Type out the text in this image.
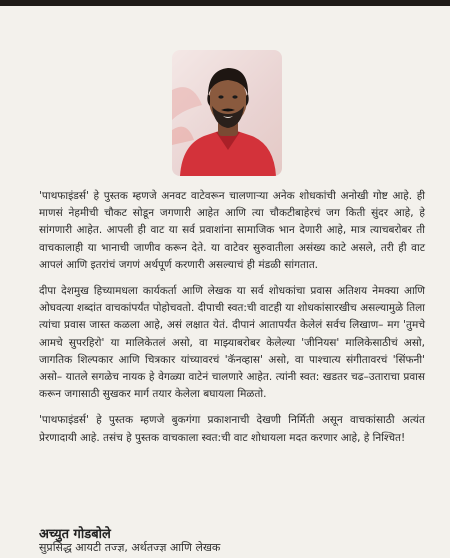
'पाथफाइंडर्स' हे पुस्तक म्हणजे अनवट वाटेवरून चालणाऱ्या अनेक शोधकांची अनोखी गोष्ट आहे. ही माणसं नेहमीची चौकट सोडून जगणारी आहेत आणि त्या चौकटीबाहेरचं जग किती सुंदर आहे, हे सांगणारी आहेत. आपली ही वाट या सर्व प्रवाशांना सामाजिक भान देणारी आहे, मात्र त्याचबरोबर ती वाचकालाही या भानाची जाणीव करून देते. या वाटेवर सुरुवातीला असंख्य काटे असले, तरी ही वाट आपलं आणि इतरांचं जगणं अर्थपूर्ण करणारी असल्याचं ही मंडळी सांगतात.

दीपा देशमुख हिच्यामधला कार्यकर्ता आणि लेखक या सर्व शोधकांचा प्रवास अतिशय नेमक्या आणि ओघवत्या शब्दांत वाचकांपर्यंत पोहोचवतो. दीपाची स्वत:ची वाटही या शोधकांसारखीच असल्यामुळे तिला त्यांचा प्रवास जास्त कळला आहे, असं लक्षात येतं. दीपानं आतापर्यंत केलेलं सर्वच लिखाण– मग 'तुमचे आमचे सुपरहिरो' या मालिकेतलं असो, वा माझ्याबरोबर केलेल्या 'जीनियस' मालिकेसाठीचं असो, जागतिक शिल्पकार आणि चित्रकार यांच्यावरचं 'कॅनव्हास' असो, वा पाश्चात्य संगीतावरचं 'सिंफनी' असो– यातले सगळेच नायक हे वेगळ्या वाटेनं चालणारे आहेत. त्यांनी स्वत: खडतर चढ–उताराचा प्रवास करून जगासाठी सुखकर मार्ग तयार केलेला बघायला मिळतो.

'पाथफाइंडर्स' हे पुस्तक म्हणजे बुकगंगा प्रकाशनाची देखणी निर्मिती असून वाचकांसाठी अत्यंत प्रेरणादायी आहे. तसंच हे पुस्तक वाचकाला स्वत:ची वाट शोधायला मदत करणार आहे, हे निश्चित!

अच्युत गोडबोले
सुप्रसिद्ध आयटी तज्ज्ञ, अर्थतज्ज्ञ आणि लेखक
